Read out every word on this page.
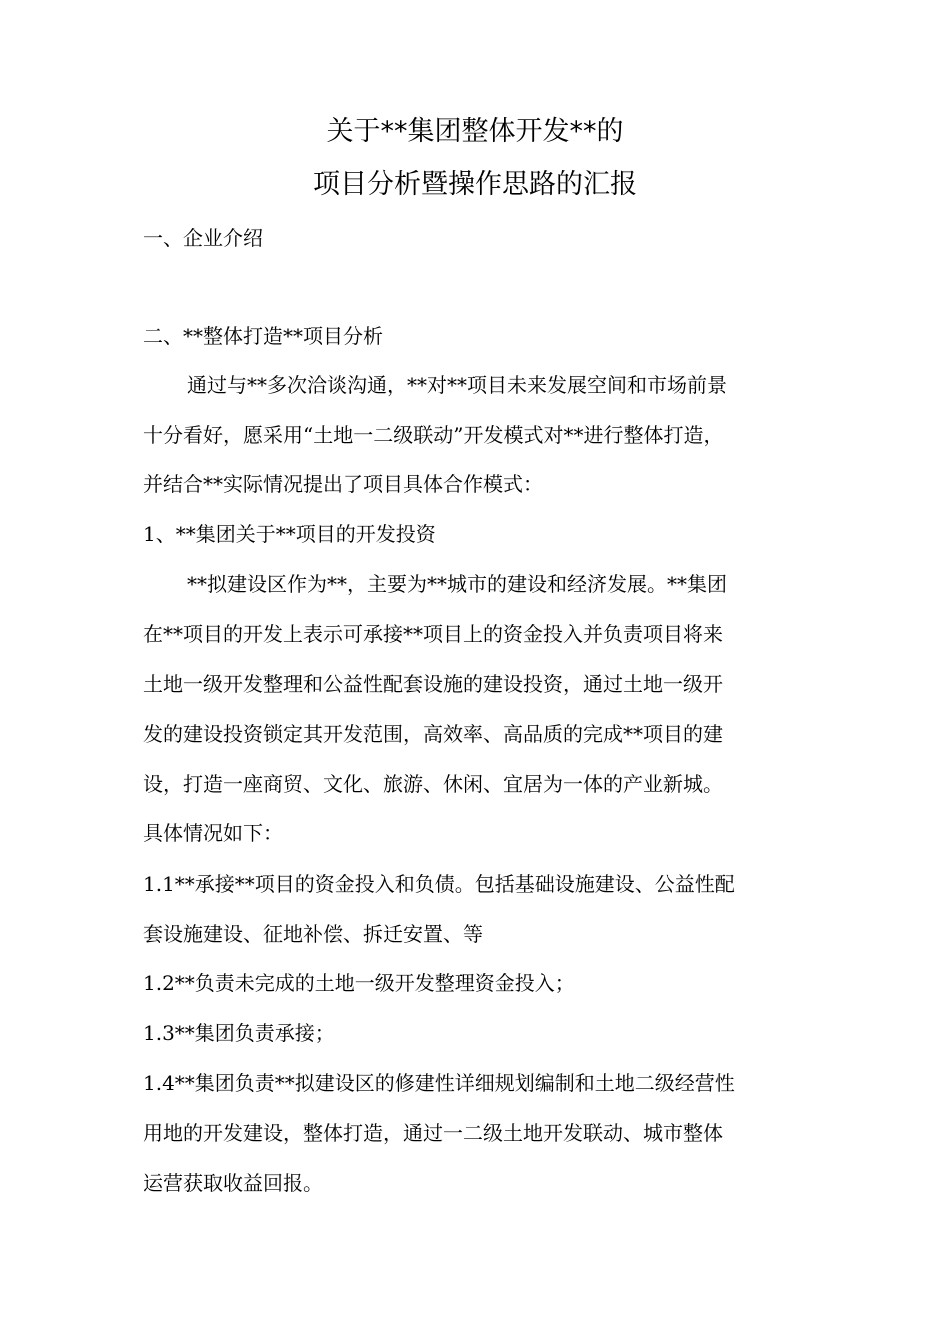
关于**集团整体开发**的
项目分析暨操作思路的汇报
一、企业介绍
二、**整体打造**项目分析
通过与**多次洽谈沟通，**对**项目未来发展空间和市场前景
十分看好，愿采用“土地一二级联动”开发模式对**进行整体打造，
并结合**实际情况提出了项目具体合作模式：
1、**集团关于**项目的开发投资
**拟建设区作为**，主要为**城市的建设和经济发展。**集团
在**项目的开发上表示可承接**项目上的资金投入并负责项目将来
土地一级开发整理和公益性配套设施的建设投资，通过土地一级开
发的建设投资锁定其开发范围，高效率、高品质的完成**项目的建
设，打造一座商贸、文化、旅游、休闲、宜居为一体的产业新城。
具体情况如下：
1.1**承接**项目的资金投入和负债。包括基础设施建设、公益性配
套设施建设、征地补偿、拆迁安置、等
1.2**负责未完成的土地一级开发整理资金投入；
1.3**集团负责承接；
1.4**集团负责**拟建设区的修建性详细规划编制和土地二级经营性
用地的开发建设，整体打造，通过一二级土地开发联动、城市整体
运营获取收益回报。
